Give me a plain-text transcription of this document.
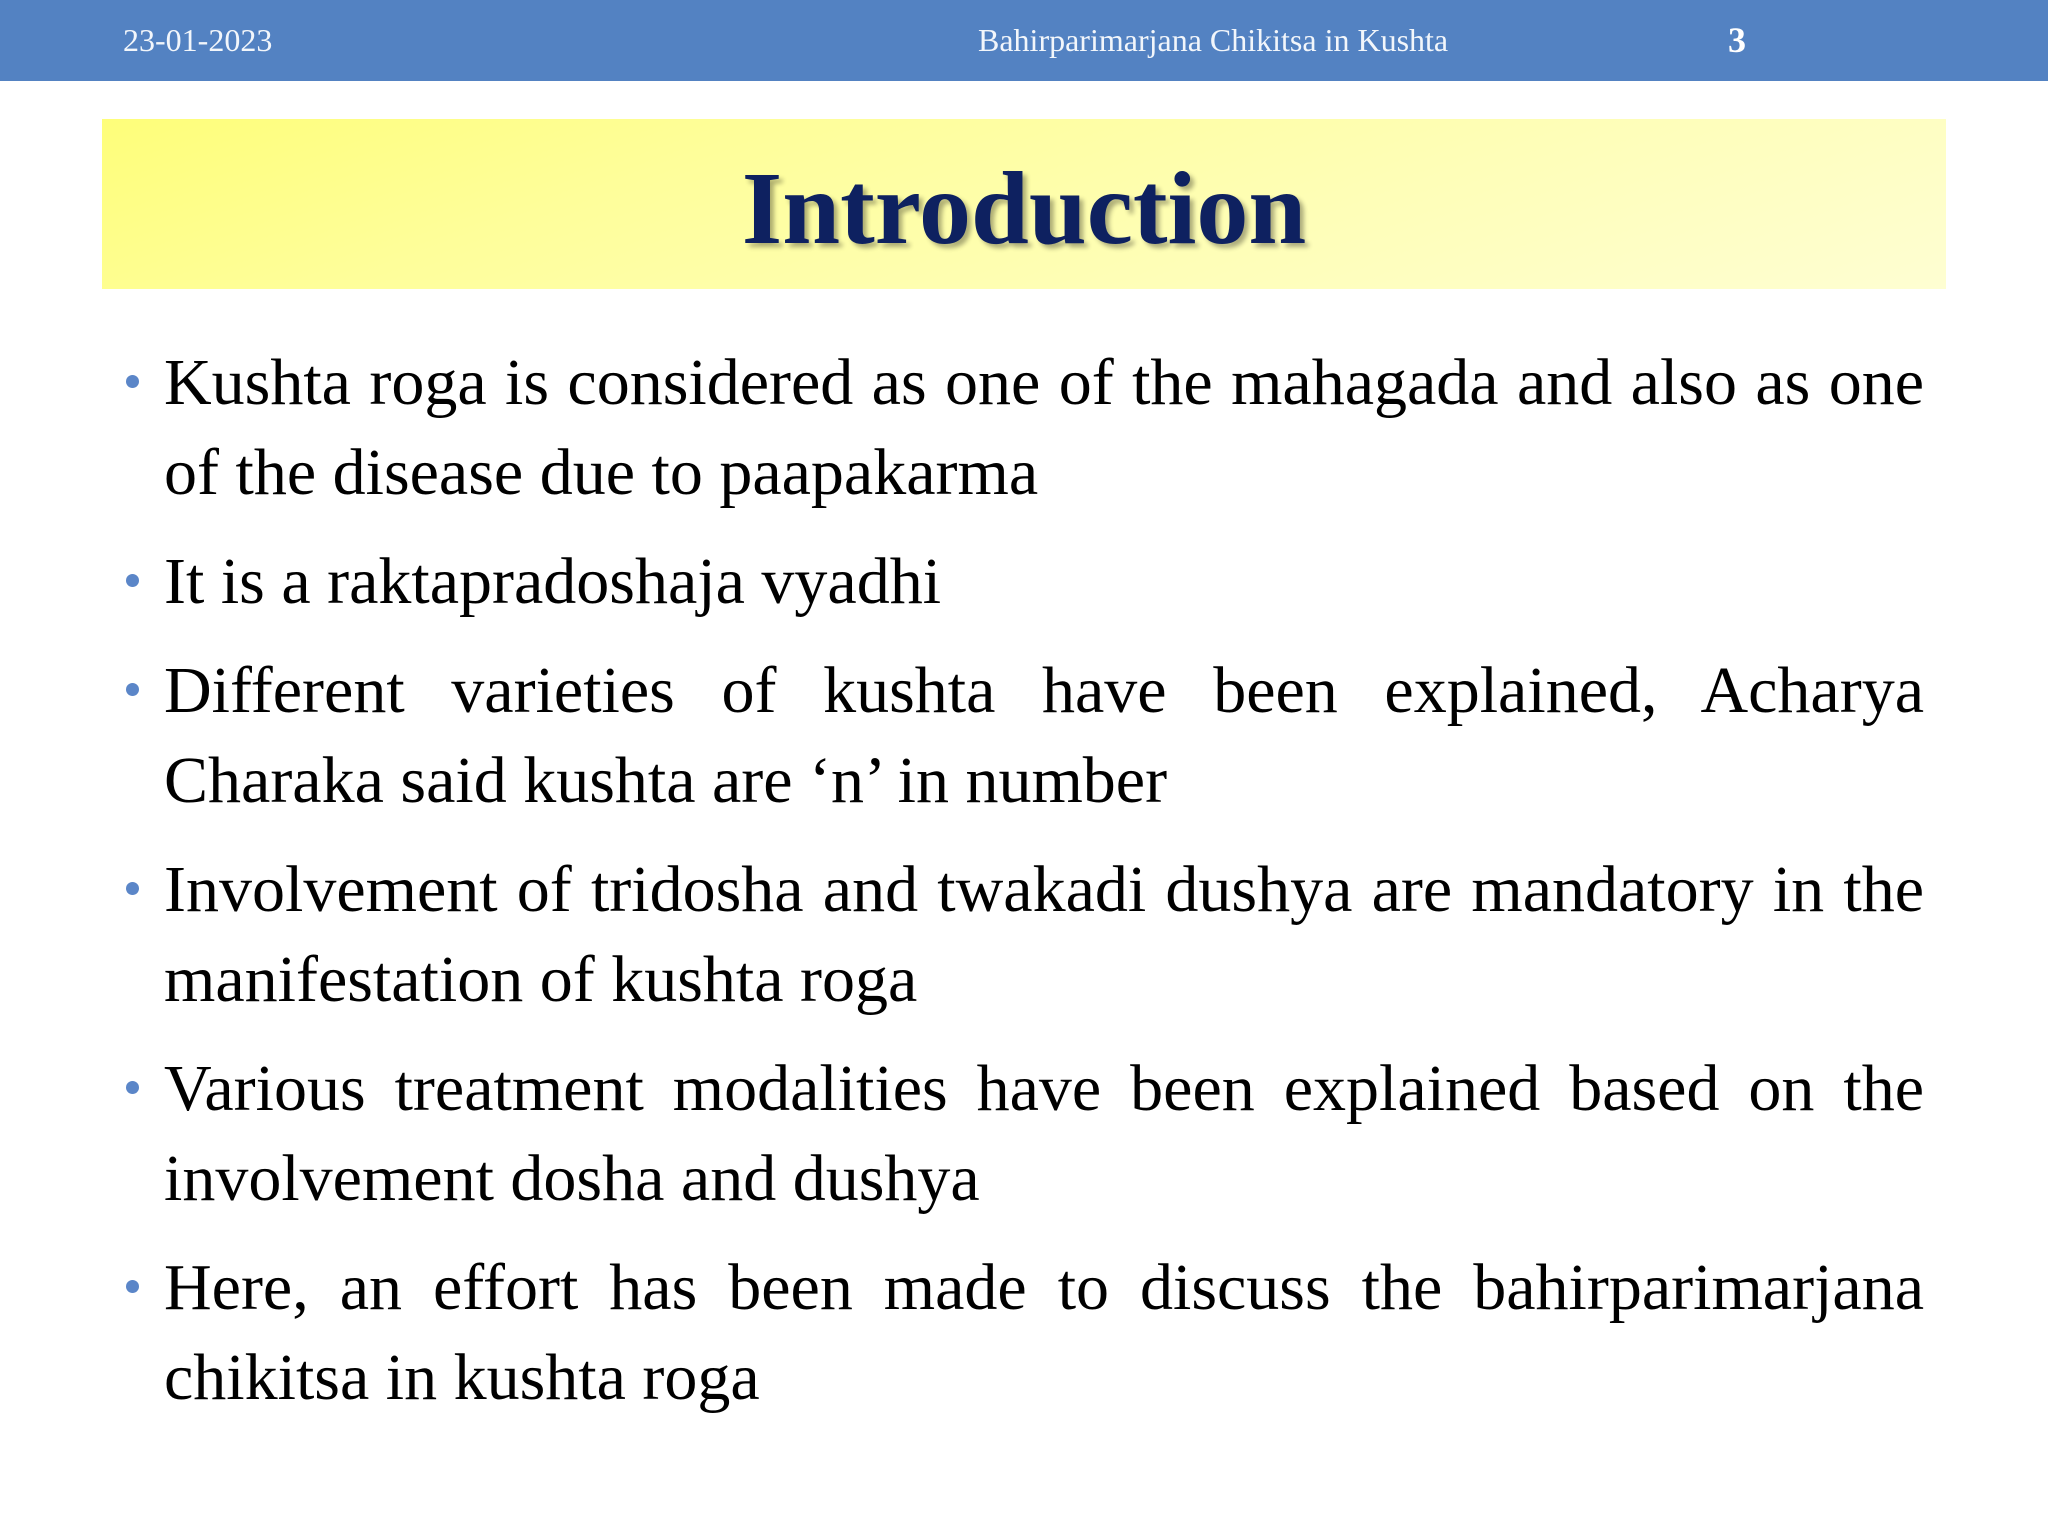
23-01-2023	Bahirparimarjana Chikitsa in Kushta	3
Introduction
Kushta roga is considered as one of the mahagada and also as one of the disease due to paapakarma
It is a raktapradoshaja vyadhi
Different varieties of kushta have been explained, Acharya Charaka said kushta are ‘n’ in number
Involvement of tridosha and twakadi dushya are mandatory in the manifestation of kushta roga
Various treatment modalities have been explained based on the involvement dosha and dushya
Here, an effort has been made to discuss the bahirparimarjana chikitsa in kushta roga
